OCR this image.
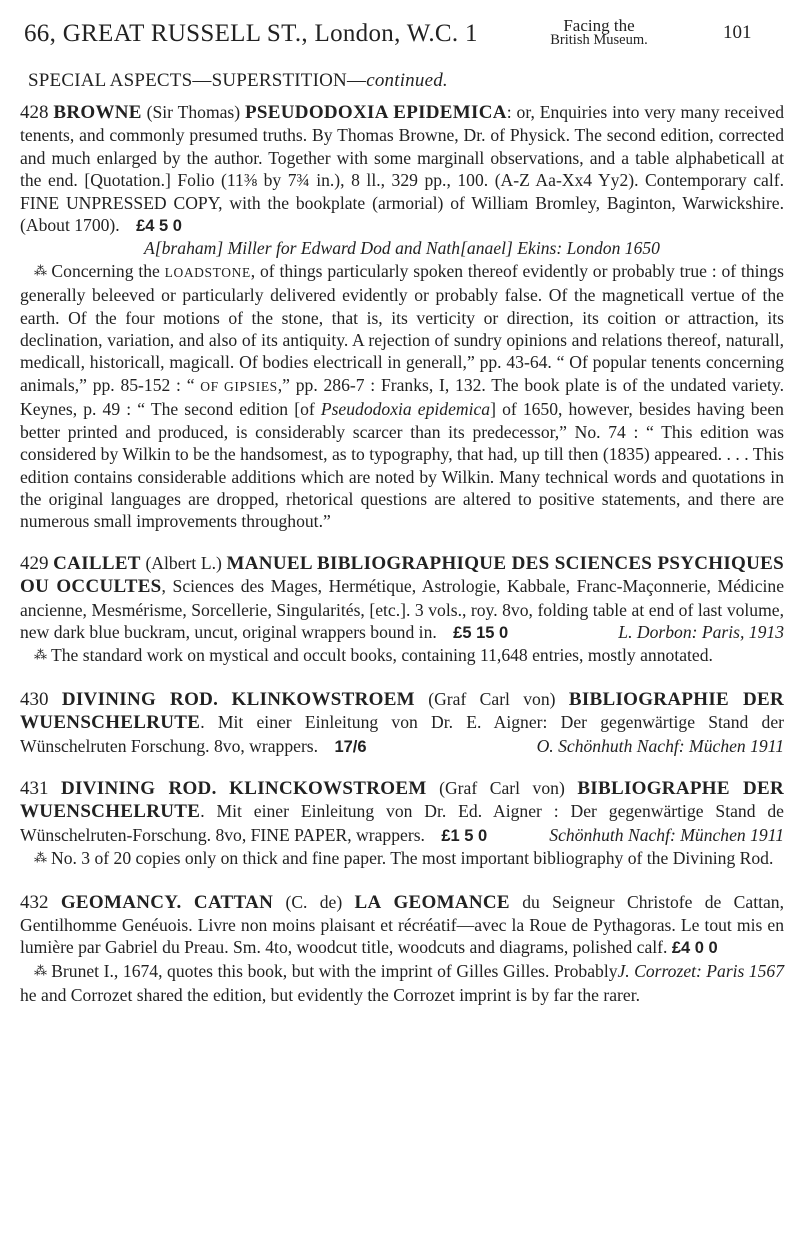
66, GREAT RUSSELL ST., London, W.C. 1	Facing the
British Museum.	101
SPECIAL ASPECTS—SUPERSTITION—continued.

428 BROWNE (Sir Thomas) PSEUDODOXIA EPIDEMICA: or, Enquiries into very many received tenents, and commonly presumed truths. By Thomas Browne, Dr. of Physick. The second edition, corrected and much enlarged by the author. Together with some marginall observations, and a table alphabeticall at the end. [Quotation.] Folio (11⅜ by 7¾ in.), 8 ll., 329 pp., 100. (A-Z Aa-Xx4 Yy2). Contemporary calf. FINE UNPRESSED COPY, with the bookplate (armorial) of William Bromley, Baginton, Warwickshire. (About 1700). £4 5 0

A[braham] Miller for Edward Dod and Nath[anael] Ekins: London 1650

⁂ Concerning the LOADSTONE, of things particularly spoken thereof evidently or probably true : of things generally beleeved or particularly delivered evidently or probably false. Of the magneticall vertue of the earth. Of the four motions of the stone, that is, its verticity or direction, its coition or attraction, its declination, variation, and also of its antiquity. A rejection of sundry opinions and relations thereof, naturall, medicall, historicall, magicall. Of bodies electricall in generall,” pp. 43-64. “ Of popular tenents concerning animals,” pp. 85-152 : “ OF GIPSIES,” pp. 286-7 : Franks, I, 132. The book plate is of the undated variety. Keynes, p. 49 : “ The second edition [of Pseudodoxia epidemica] of 1650, however, besides having been better printed and produced, is considerably scarcer than its predecessor,” No. 74 : “ This edition was considered by Wilkin to be the handsomest, as to typography, that had, up till then (1835) appeared. . . . This edition contains considerable additions which are noted by Wilkin. Many technical words and quotations in the original languages are dropped, rhetorical questions are altered to positive statements, and there are numerous small improvements throughout.”

429 CAILLET (Albert L.) MANUEL BIBLIOGRAPHIQUE DES SCIENCES PSYCHIQUES OU OCCULTES, Sciences des Mages, Hermétique, Astrologie, Kabbale, Franc-Maçonnerie, Médicine ancienne, Mesmérisme, Sorcellerie, Singularités, [etc.]. 3 vols., roy. 8vo, folding table at end of last volume, new dark blue buckram, uncut, original wrappers bound in. £5 15 0	L. Dorbon: Paris, 1913

⁂ The standard work on mystical and occult books, containing 11,648 entries, mostly annotated.

430 DIVINING ROD. KLINKOWSTROEM (Graf Carl von) BIBLIOGRAPHIE DER WUENSCHELRUTE. Mit einer Einleitung von Dr. E. Aigner: Der gegenwärtige Stand der Wünschelruten Forschung. 8vo, wrappers. 17/6	O. Schönhuth Nachf: Müchen 1911

431 DIVINING ROD. KLINCKOWSTROEM (Graf Carl von) BIBLIOGRAPHE DER WUENSCHELRUTE. Mit einer Einleitung von Dr. Ed. Aigner : Der gegenwärtige Stand de Wünschelruten-Forschung. 8vo, FINE PAPER, wrappers. £1 5 0	Schönhuth Nachf: München 1911

⁂ No. 3 of 20 copies only on thick and fine paper. The most important bibliography of the Divining Rod.

432 GEOMANCY. CATTAN (C. de) LA GEOMANCE du Seigneur Christofe de Cattan, Gentilhomme Genéuois. Livre non moins plaisant et récréatif—avec la Roue de Pythagoras. Le tout mis en lumière par Gabriel du Preau. Sm. 4to, woodcut title, woodcuts and diagrams, polished calf. £4 0 0
J. Corrozet: Paris 1567

⁂ Brunet I., 1674, quotes this book, but with the imprint of Gilles Gilles. Probably he and Corrozet shared the edition, but evidently the Corrozet imprint is by far the rarer.
